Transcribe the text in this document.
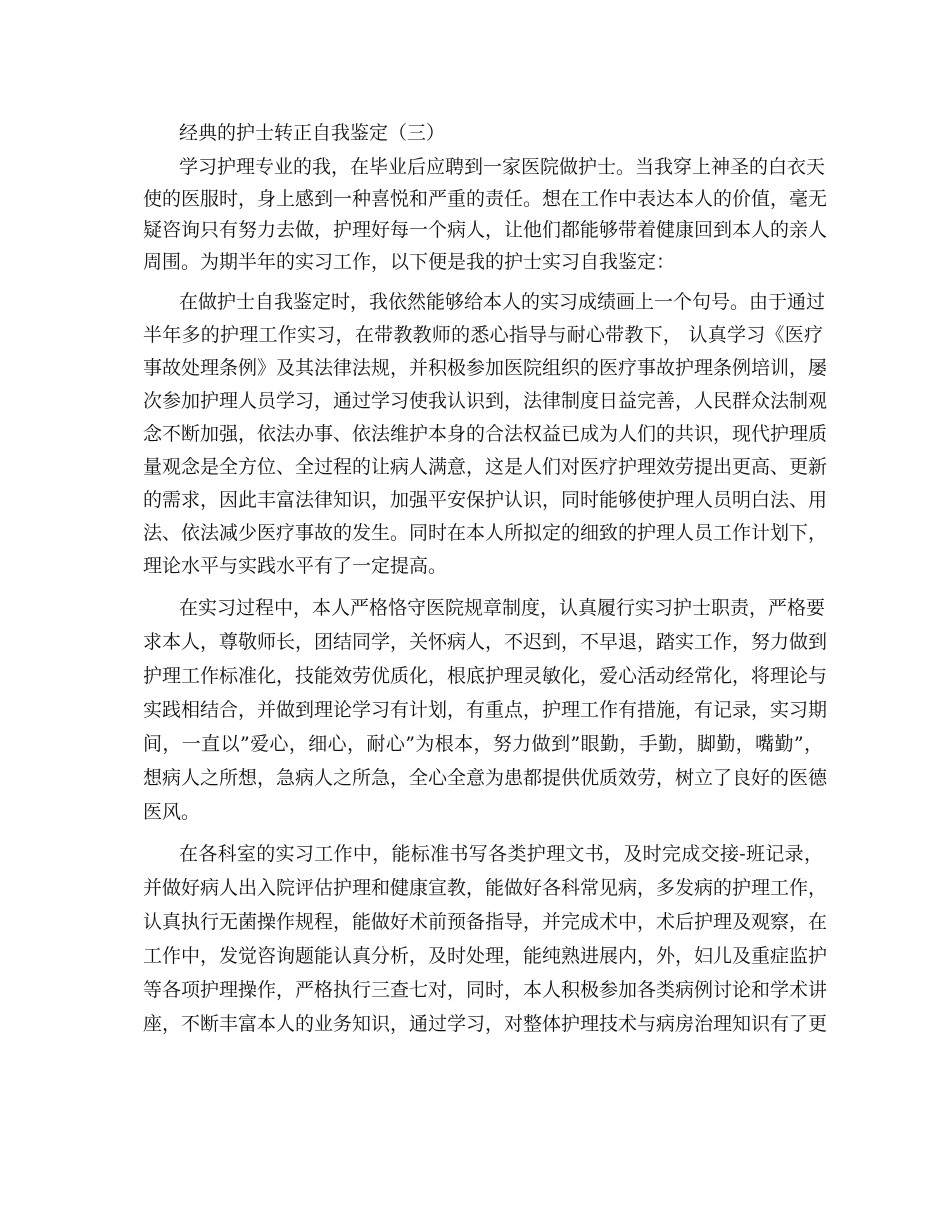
经典的护士转正自我鉴定（三）
学习护理专业的我，在毕业后应聘到一家医院做护士。当我穿上神圣的白衣天
使的医服时，身上感到一种喜悦和严重的责任。想在工作中表达本人的价值，毫无
疑咨询只有努力去做，护理好每一个病人，让他们都能够带着健康回到本人的亲人
周围。为期半年的实习工作，以下便是我的护士实习自我鉴定：
在做护士自我鉴定时，我依然能够给本人的实习成绩画上一个句号。由于通过
半年多的护理工作实习，在带教教师的悉心指导与耐心带教下， 认真学习《医疗
事故处理条例》及其法律法规，并积极参加医院组织的医疗事故护理条例培训，屡
次参加护理人员学习，通过学习使我认识到，法律制度日益完善，人民群众法制观
念不断加强，依法办事、依法维护本身的合法权益已成为人们的共识，现代护理质
量观念是全方位、全过程的让病人满意，这是人们对医疗护理效劳提出更高、更新
的需求，因此丰富法律知识，加强平安保护认识，同时能够使护理人员明白法、用
法、依法减少医疗事故的发生。同时在本人所拟定的细致的护理人员工作计划下，
理论水平与实践水平有了一定提高。
在实习过程中，本人严格恪守医院规章制度，认真履行实习护士职责，严格要
求本人，尊敬师长，团结同学，关怀病人，不迟到，不早退，踏实工作，努力做到
护理工作标准化，技能效劳优质化，根底护理灵敏化，爱心活动经常化，将理论与
实践相结合，并做到理论学习有计划，有重点，护理工作有措施，有记录，实习期
间，一直以”爱心，细心，耐心”为根本，努力做到”眼勤，手勤，脚勤，嘴勤”，
想病人之所想，急病人之所急，全心全意为患都提供优质效劳，树立了良好的医德
医风。
在各科室的实习工作中，能标准书写各类护理文书，及时完成交接-班记录，
并做好病人出入院评估护理和健康宣教，能做好各科常见病，多发病的护理工作，
认真执行无菌操作规程，能做好术前预备指导，并完成术中，术后护理及观察，在
工作中，发觉咨询题能认真分析，及时处理，能纯熟进展内，外，妇儿及重症监护
等各项护理操作，严格执行三查七对，同时，本人积极参加各类病例讨论和学术讲
座，不断丰富本人的业务知识，通过学习，对整体护理技术与病房治理知识有了更
